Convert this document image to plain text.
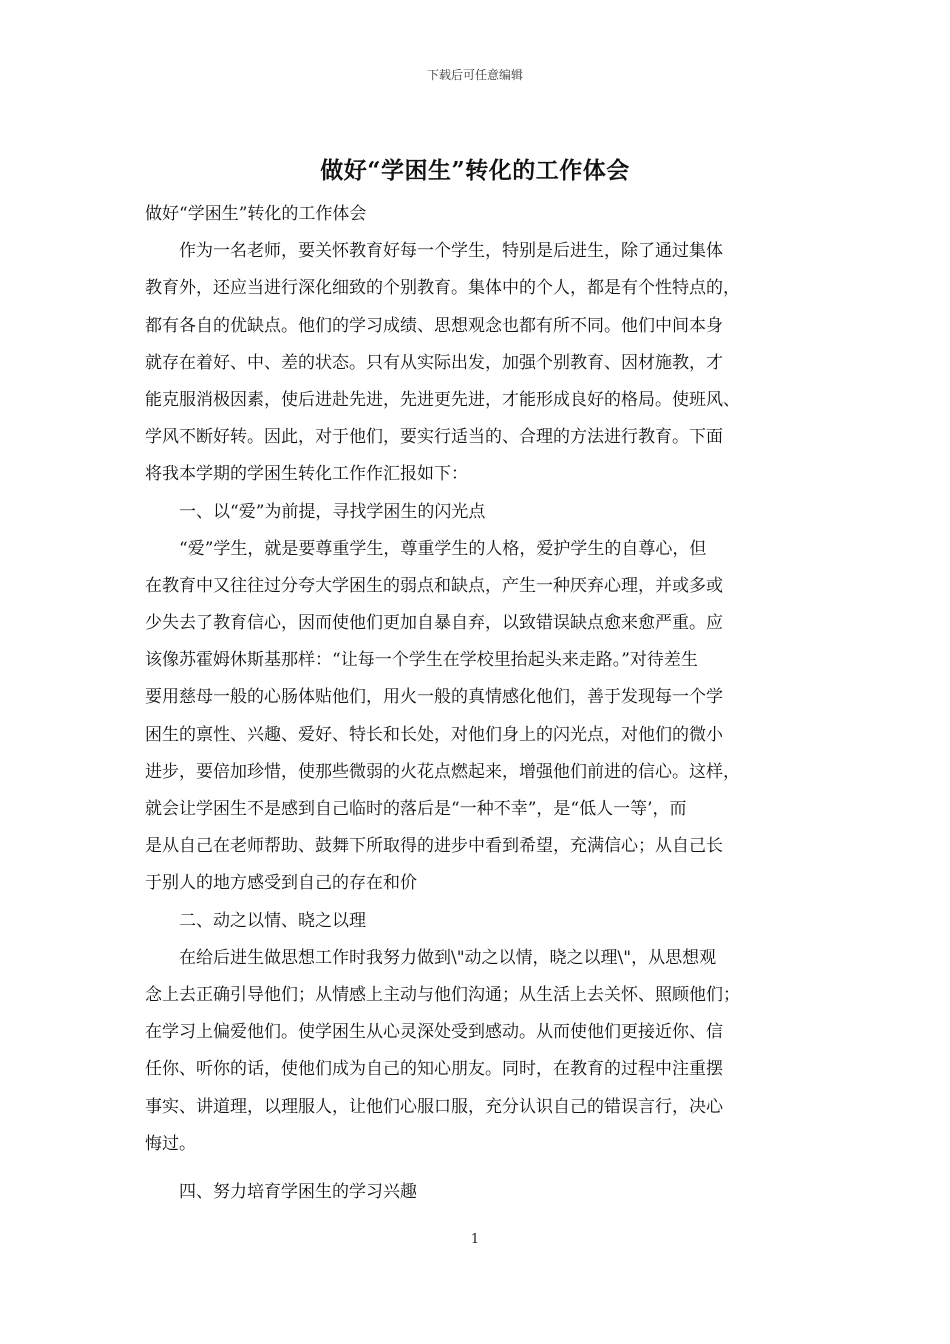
下载后可任意编辑
做好“学困生”转化的工作体会
做好“学困生”转化的工作体会
　　作为一名老师，要关怀教育好每一个学生，特别是后进生，除了通过集体
教育外，还应当进行深化细致的个别教育。集体中的个人，都是有个性特点的，
都有各自的优缺点。他们的学习成绩、思想观念也都有所不同。他们中间本身
就存在着好、中、差的状态。只有从实际出发，加强个别教育、因材施教，才
能克服消极因素，使后进赴先进，先进更先进，才能形成良好的格局。使班风、
学风不断好转。因此，对于他们，要实行适当的、合理的方法进行教育。下面
将我本学期的学困生转化工作作汇报如下：
　　一、以“爱”为前提，寻找学困生的闪光点
　　“爱”学生，就是要尊重学生，尊重学生的人格，爱护学生的自尊心，但
在教育中又往往过分夸大学困生的弱点和缺点，产生一种厌弃心理，并或多或
少失去了教育信心，因而使他们更加自暴自弃，以致错误缺点愈来愈严重。应
该像苏霍姆休斯基那样：“让每一个学生在学校里抬起头来走路。”对待差生
要用慈母一般的心肠体贴他们，用火一般的真情感化他们，善于发现每一个学
困生的禀性、兴趣、爱好、特长和长处，对他们身上的闪光点，对他们的微小
进步，要倍加珍惜，使那些微弱的火花点燃起来，增强他们前进的信心。这样，
就会让学困生不是感到自己临时的落后是“一种不幸”，是“低人一等’，而
是从自己在老师帮助、鼓舞下所取得的进步中看到希望，充满信心；从自己长
于别人的地方感受到自己的存在和价
　　二、动之以情、晓之以理
　　在给后进生做思想工作时我努力做到\"动之以情，晓之以理\"，从思想观
念上去正确引导他们；从情感上主动与他们沟通；从生活上去关怀、照顾他们；
在学习上偏爱他们。使学困生从心灵深处受到感动。从而使他们更接近你、信
任你、听你的话，使他们成为自己的知心朋友。同时，在教育的过程中注重摆
事实、讲道理，以理服人，让他们心服口服，充分认识自己的错误言行，决心
悔过。
　　四、努力培育学困生的学习兴趣
1
